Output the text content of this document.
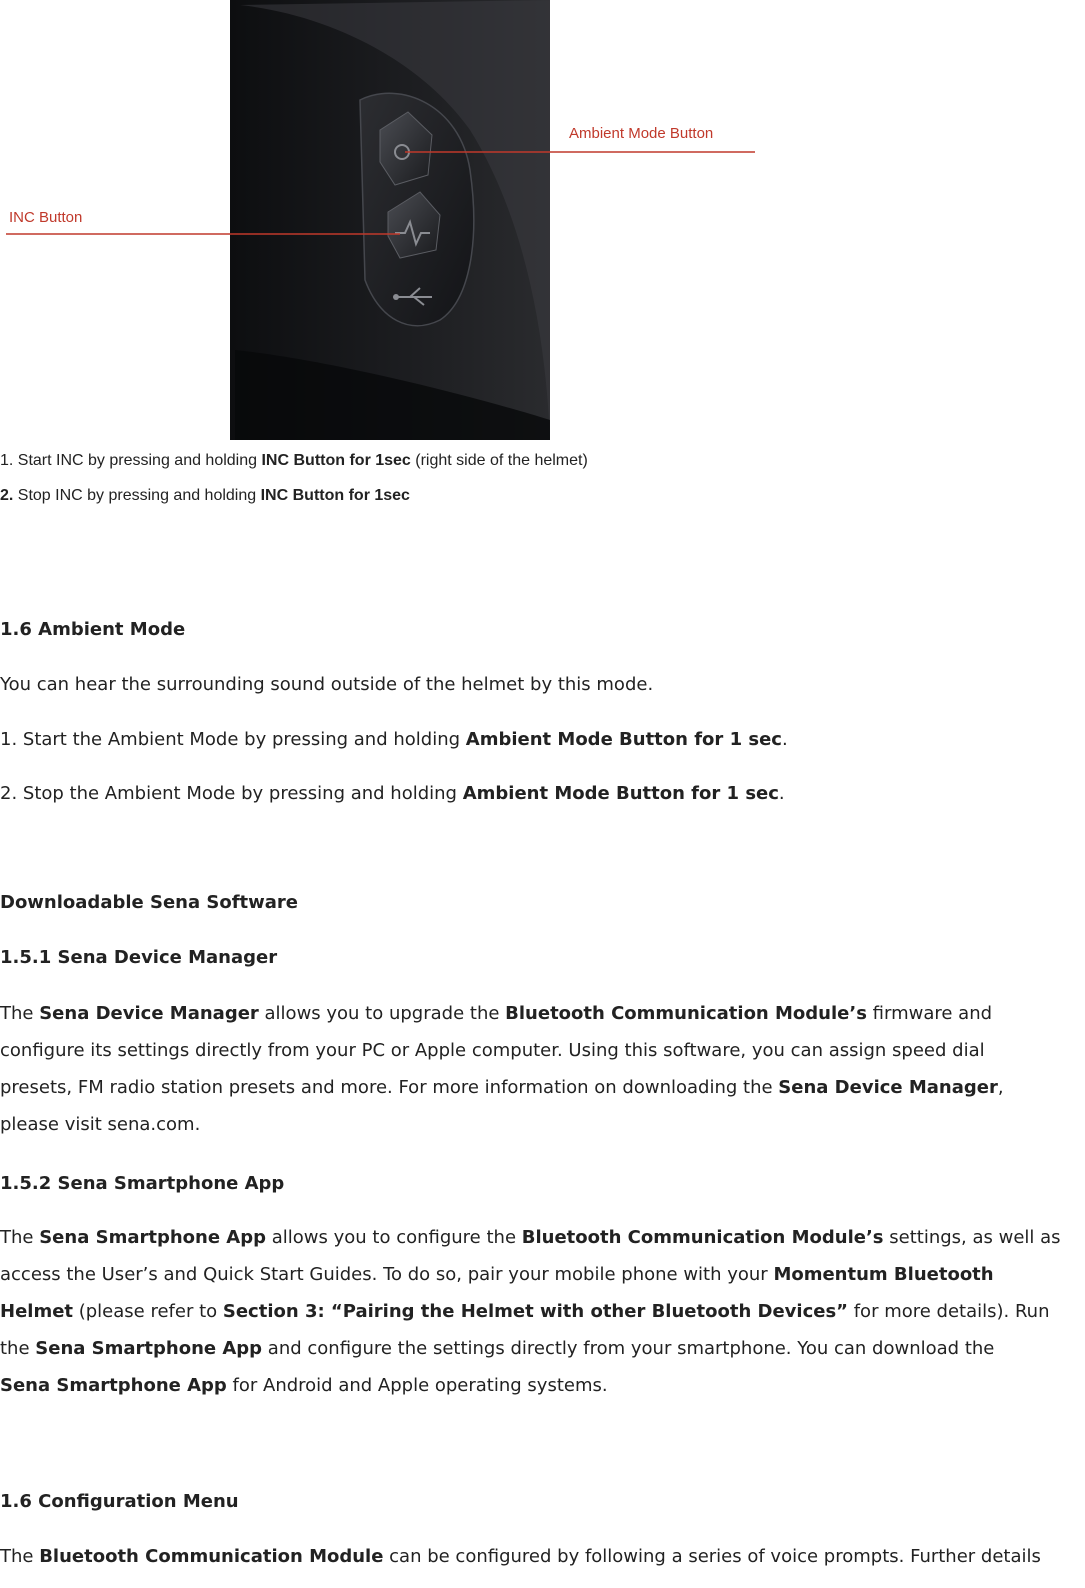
Ambient Mode Button
INC Button
1. Start INC by pressing and holding INC Button for 1sec (right side of the helmet)
2. Stop INC by pressing and holding INC Button for 1sec
1.6 Ambient Mode
You can hear the surrounding sound outside of the helmet by this mode.
1. Start the Ambient Mode by pressing and holding Ambient Mode Button for 1 sec.
2. Stop the Ambient Mode by pressing and holding Ambient Mode Button for 1 sec.
Downloadable Sena Software
1.5.1 Sena Device Manager
The Sena Device Manager allows you to upgrade the Bluetooth Communication Module’s firmware and
configure its settings directly from your PC or Apple computer. Using this software, you can assign speed dial
presets, FM radio station presets and more. For more information on downloading the Sena Device Manager,
please visit sena.com.
1.5.2 Sena Smartphone App
The Sena Smartphone App allows you to configure the Bluetooth Communication Module’s settings, as well as
access the User’s and Quick Start Guides. To do so, pair your mobile phone with your Momentum Bluetooth
Helmet (please refer to Section 3: “Pairing the Helmet with other Bluetooth Devices” for more details). Run
the Sena Smartphone App and configure the settings directly from your smartphone. You can download the
Sena Smartphone App for Android and Apple operating systems.
1.6 Configuration Menu
The Bluetooth Communication Module can be configured by following a series of voice prompts. Further details
